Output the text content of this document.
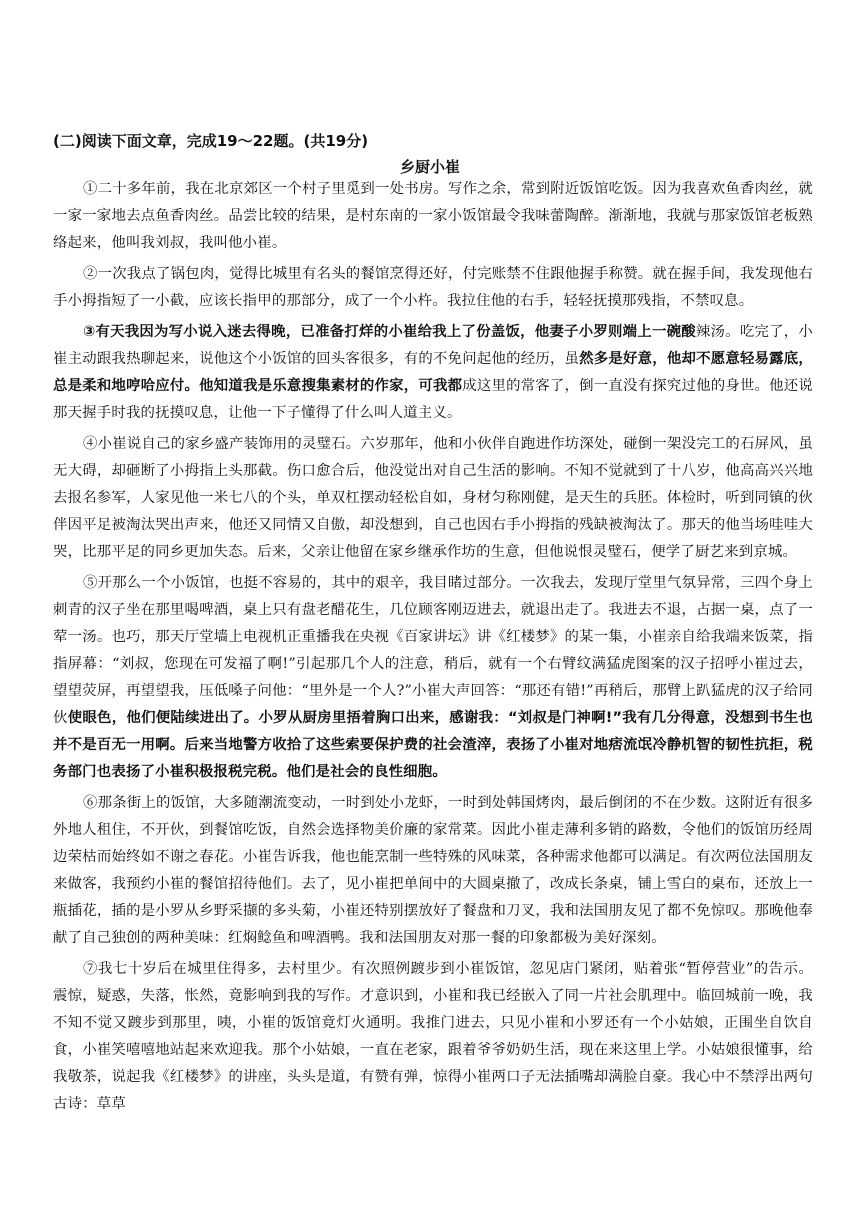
(二)阅读下面文章，完成19～22题。(共19分)
乡厨小崔

①二十多年前，我在北京郊区一个村子里觅到一处书房。写作之余，常到附近饭馆吃饭。因为我喜欢鱼香肉丝，就一家一家地去点鱼香肉丝。品尝比较的结果，是村东南的一家小饭馆最令我味蕾陶醉。渐渐地，我就与那家饭馆老板熟络起来，他叫我刘叔，我叫他小崔。

②一次我点了锅包肉，觉得比城里有名头的餐馆烹得还好，付完账禁不住跟他握手称赞。就在握手间，我发现他右手小拇指短了一小截，应该长指甲的那部分，成了一个小杵。我拉住他的右手，轻轻抚摸那残指，不禁叹息。

③有天我因为写小说入迷去得晚，已准备打烊的小崔给我上了份盖饭，他妻子小罗则端上一碗酸辣汤。吃完了，小崔主动跟我热聊起来，说他这个小饭馆的回头客很多，有的不免问起他的经历，虽然多是好意，他却不愿意轻易露底，总是柔和地哼哈应付。他知道我是乐意搜集素材的作家，可我都成这里的常客了，倒一直没有探究过他的身世。他还说那天握手时我的抚摸叹息，让他一下子懂得了什么叫人道主义。

④小崔说自己的家乡盛产装饰用的灵璧石。六岁那年，他和小伙伴自跑进作坊深处，碰倒一架没完工的石屏风，虽无大碍，却砸断了小拇指上头那截。伤口愈合后，他没觉出对自己生活的影响。不知不觉就到了十八岁，他高高兴兴地去报名参军，人家见他一米七八的个头，单双杠摆动轻松自如，身材匀称刚健，是天生的兵胚。体检时，听到同镇的伙伴因平足被淘汰哭出声来，他还又同情又自傲，却没想到，自己也因右手小拇指的残缺被淘汰了。那天的他当场哇哇大哭，比那平足的同乡更加失态。后来，父亲让他留在家乡继承作坊的生意，但他说恨灵璧石，便学了厨艺来到京城。

⑤开那么一个小饭馆，也挺不容易的，其中的艰辛，我目睹过部分。一次我去，发现厅堂里气氛异常，三四个身上刺青的汉子坐在那里喝啤酒，桌上只有盘老醋花生，几位顾客刚迈进去，就退出走了。我进去不退，占据一桌，点了一荤一汤。也巧，那天厅堂墙上电视机正重播我在央视《百家讲坛》讲《红楼梦》的某一集，小崔亲自给我端来饭菜，指指屏幕：“刘叔，您现在可发福了啊!”引起那几个人的注意，稍后，就有一个右臂纹满猛虎图案的汉子招呼小崔过去，望望荧屏，再望望我，压低嗓子问他：“里外是一个人?”小崔大声回答：“那还有错!”再稍后，那臂上趴猛虎的汉子给同伙使眼色，他们便陆续进出了。小罗从厨房里捂着胸口出来，感谢我：“刘叔是门神啊!”我有几分得意，没想到书生也并不是百无一用啊。后来当地警方收拾了这些索要保护费的社会渣滓，表扬了小崔对地痞流氓冷静机智的韧性抗拒，税务部门也表扬了小崔积极报税完税。他们是社会的良性细胞。

⑥那条街上的饭馆，大多随潮流变动，一时到处小龙虾，一时到处韩国烤肉，最后倒闭的不在少数。这附近有很多外地人租住，不开伙，到餐馆吃饭，自然会选择物美价廉的家常菜。因此小崔走薄利多销的路数，令他们的饭馆历经周边荣枯而始终如不谢之春花。小崔告诉我，他也能烹制一些特殊的风味菜，各种需求他都可以满足。有次两位法国朋友来做客，我预约小崔的餐馆招待他们。去了，见小崔把单间中的大圆桌撤了，改成长条桌，铺上雪白的桌布，还放上一瓶插花，插的是小罗从乡野采撷的多头菊，小崔还特别摆放好了餐盘和刀叉，我和法国朋友见了都不免惊叹。那晚他奉献了自己独创的两种美味：红焖鲶鱼和啤酒鸭。我和法国朋友对那一餐的印象都极为美好深刻。

⑦我七十岁后在城里住得多，去村里少。有次照例踱步到小崔饭馆，忽见店门紧闭，贴着张“暂停营业”的告示。震惊，疑惑，失落，怅然，竟影响到我的写作。才意识到，小崔和我已经嵌入了同一片社会肌理中。临回城前一晚，我不知不觉又踱步到那里，咦，小崔的饭馆竟灯火通明。我推门进去，只见小崔和小罗还有一个小姑娘，正围坐自饮自食，小崔笑嘻嘻地站起来欢迎我。那个小姑娘，一直在老家，跟着爷爷奶奶生活，现在来这里上学。小姑娘很懂事，给我敬茶，说起我《红楼梦》的讲座，头头是道，有赞有弹，惊得小崔两口子无法插嘴却满脸自豪。我心中不禁浮出两句古诗：草草
